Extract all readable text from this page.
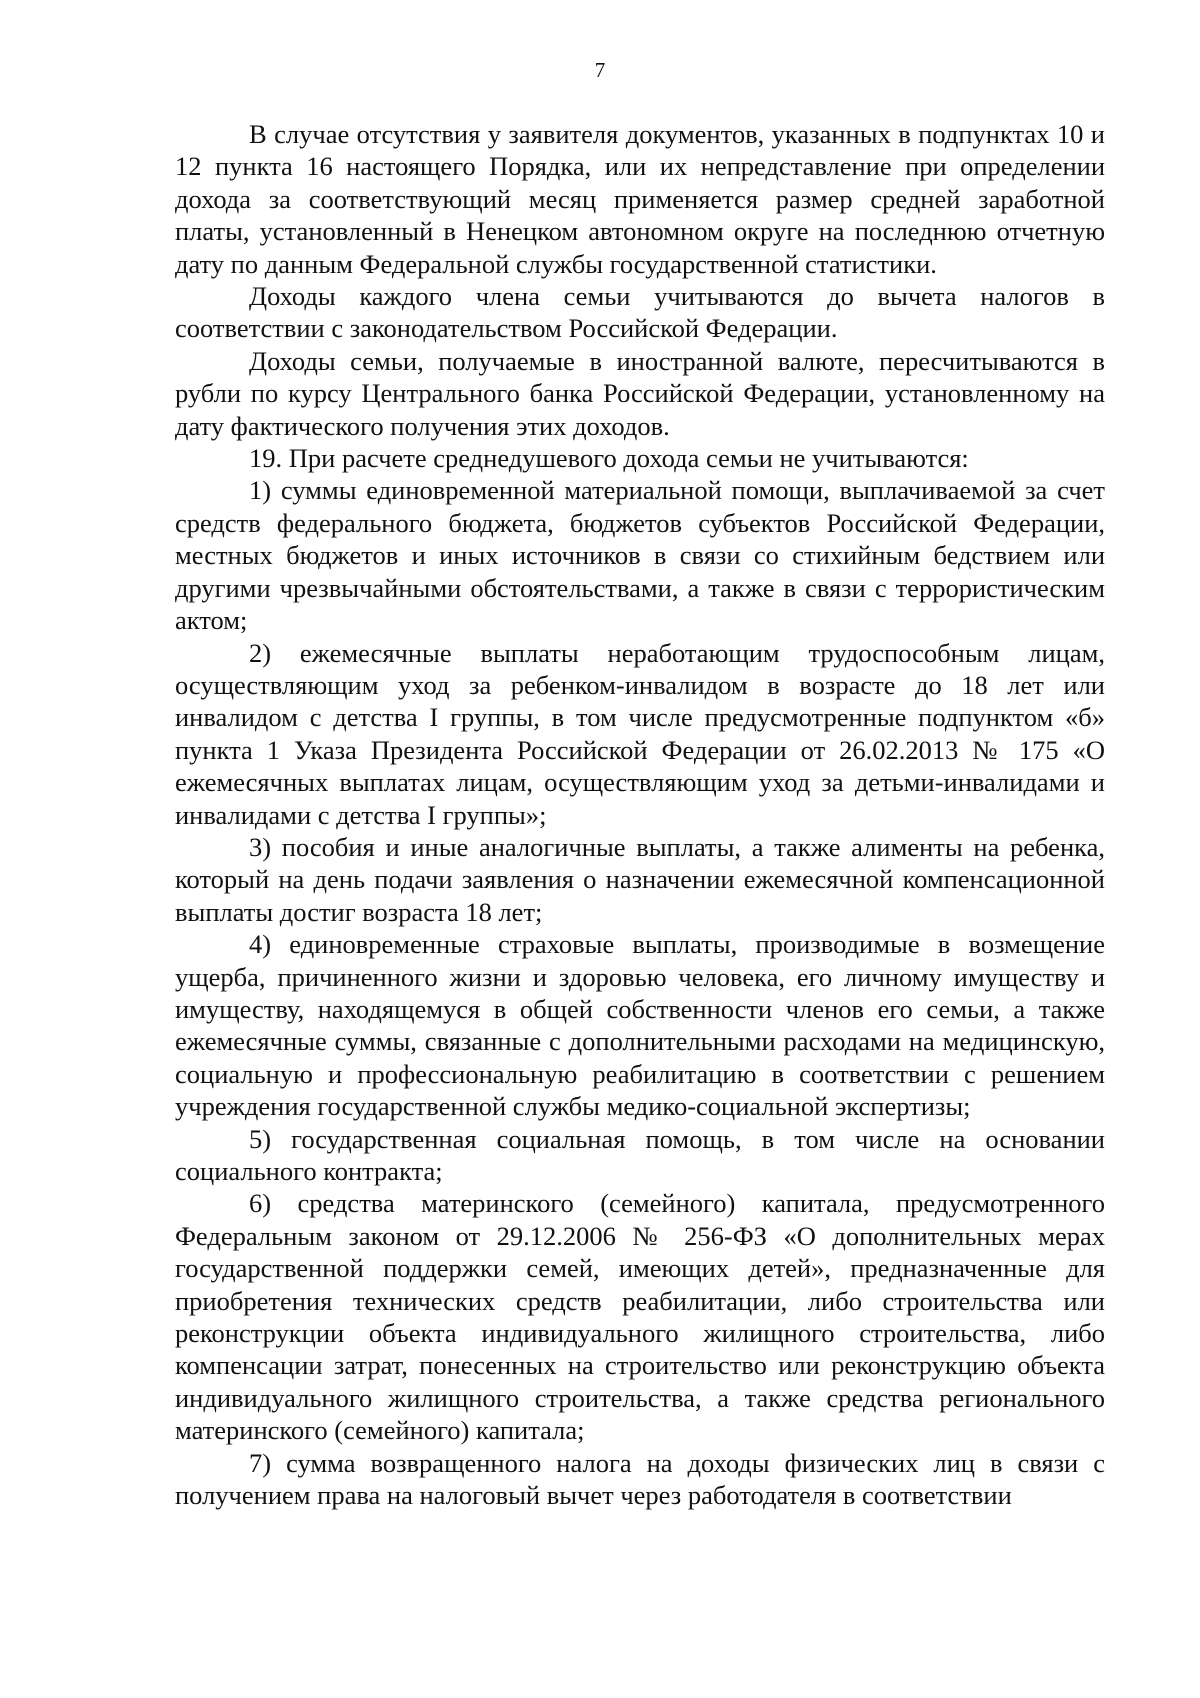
7

В случае отсутствия у заявителя документов, указанных в подпунктах 10 и 12 пункта 16 настоящего Порядка, или их непредставление при определении дохода за соответствующий месяц применяется размер средней заработной платы, установленный в Ненецком автономном округе на последнюю отчетную дату по данным Федеральной службы государственной статистики.

Доходы каждого члена семьи учитываются до вычета налогов в соответствии с законодательством Российской Федерации.

Доходы семьи, получаемые в иностранной валюте, пересчитываются в рубли по курсу Центрального банка Российской Федерации, установленному на дату фактического получения этих доходов.

19. При расчете среднедушевого дохода семьи не учитываются:

1) суммы единовременной материальной помощи, выплачиваемой за счет средств федерального бюджета, бюджетов субъектов Российской Федерации, местных бюджетов и иных источников в связи со стихийным бедствием или другими чрезвычайными обстоятельствами, а также в связи с террористическим актом;

2) ежемесячные выплаты неработающим трудоспособным лицам, осуществляющим уход за ребенком-инвалидом в возрасте до 18 лет или инвалидом с детства I группы, в том числе предусмотренные подпунктом «б» пункта 1 Указа Президента Российской Федерации от 26.02.2013 № 175 «О ежемесячных выплатах лицам, осуществляющим уход за детьми-инвалидами и инвалидами с детства I группы»;

3) пособия и иные аналогичные выплаты, а также алименты на ребенка, который на день подачи заявления о назначении ежемесячной компенсационной выплаты достиг возраста 18 лет;

4) единовременные страховые выплаты, производимые в возмещение ущерба, причиненного жизни и здоровью человека, его личному имуществу и имуществу, находящемуся в общей собственности членов его семьи, а также ежемесячные суммы, связанные с дополнительными расходами на медицинскую, социальную и профессиональную реабилитацию в соответствии с решением учреждения государственной службы медико-социальной экспертизы;

5) государственная социальная помощь, в том числе на основании социального контракта;

6) средства материнского (семейного) капитала, предусмотренного Федеральным законом от 29.12.2006 № 256-ФЗ «О дополнительных мерах государственной поддержки семей, имеющих детей», предназначенные для приобретения технических средств реабилитации, либо строительства или реконструкции объекта индивидуального жилищного строительства, либо компенсации затрат, понесенных на строительство или реконструкцию объекта индивидуального жилищного строительства, а также средства регионального материнского (семейного) капитала;

7) сумма возвращенного налога на доходы физических лиц в связи с получением права на налоговый вычет через работодателя в соответствии
